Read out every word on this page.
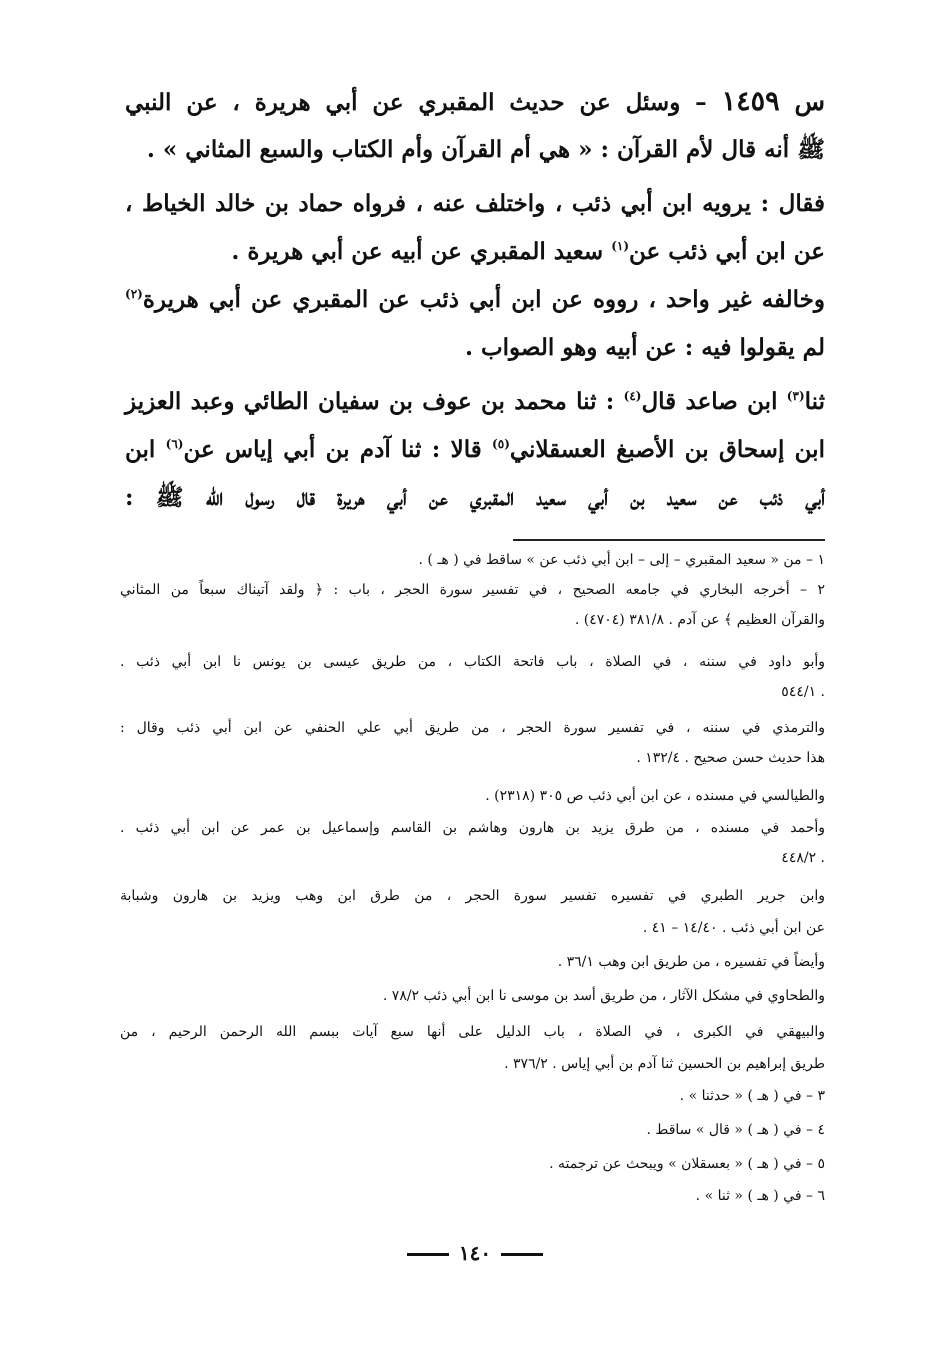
س ١٤٥٩ – وسئل عن حديث المقبري عن أبي هريرة ، عن النبي
ﷺ أنه قال لأم القرآن : « هي أم القرآن وأم الكتاب والسبع المثاني » .
فقال : يرويه ابن أبي ذئب ، واختلف عنه ، فرواه حماد بن خالد الخياط ،
عن ابن أبي ذئب عن$^{(١)}$ سعيد المقبري عن أبيه عن أبي هريرة .
وخالفه غير واحد ، رووه عن ابن أبي ذئب عن المقبري عن أبي هريرة$^{(٢)}$
لم يقولوا فيه : عن أبيه وهو الصواب .
ثنا$^{(٣)}$ ابن صاعد قال$^{(٤)}$ : ثنا محمد بن عوف بن سفيان الطائي وعبد العزيز
ابن إسحاق بن الأصبغ العسقلاني$^{(٥)}$ قالا : ثنا آدم بن أبي إياس عن$^{(٦)}$ ابن
أبي ذئب عن سعيد بن أبي سعيد المقبري عن أبي هريرة قال رسول الله ﷺ :
١ – من « سعيد المقبري – إلى – ابن أبي ذئب عن » ساقط في ( هـ ) .
٢ – أخرجه البخاري في جامعه الصحيح ، في تفسير سورة الحجر ، باب : ﴿ ولقد آتيناك سبعاً من المثاني
والقرآن العظيم ﴾ عن آدم . ٣٨١/٨ (٤٧٠٤) .
وأبو داود في سننه ، في الصلاة ، باب فاتحة الكتاب ، من طريق عيسى بن يونس نا ابن أبي ذئب .
. ٥٤٤/١
والترمذي في سننه ، في تفسير سورة الحجر ، من طريق أبي علي الحنفي عن ابن أبي ذئب وقال :
هذا حديث حسن صحيح . ١٣٢/٤ .
والطيالسي في مسنده ، عن ابن أبي ذئب ص ٣٠٥ (٢٣١٨) .
وأحمد في مسنده ، من طرق يزيد بن هارون وهاشم بن القاسم وإسماعيل بن عمر عن ابن أبي ذئب .
. ٤٤٨/٢
وابن جرير الطبري في تفسيره تفسير سورة الحجر ، من طرق ابن وهب ويزيد بن هارون وشبابة
عن ابن أبي ذئب . ١٤/٤٠ – ٤١ .
وأيضاً في تفسيره ، من طريق ابن وهب ٣٦/١ .
والطحاوي في مشكل الآثار ، من طريق أسد بن موسى نا ابن أبي ذئب ٧٨/٢ .
والبيهقي في الكبرى ، في الصلاة ، باب الدليل على أنها سبع آيات ببسم الله الرحمن الرحيم ، من
طريق إبراهيم بن الحسين ثنا آدم بن أبي إياس . ٣٧٦/٢ .
٣ – في ( هـ ) « حدثنا » .
٤ – في ( هـ ) « قال » ساقط .
٥ – في ( هـ ) « بعسقلان » ويبحث عن ترجمته .
٦ – في ( هـ ) « ثنا » .
١٤٠
